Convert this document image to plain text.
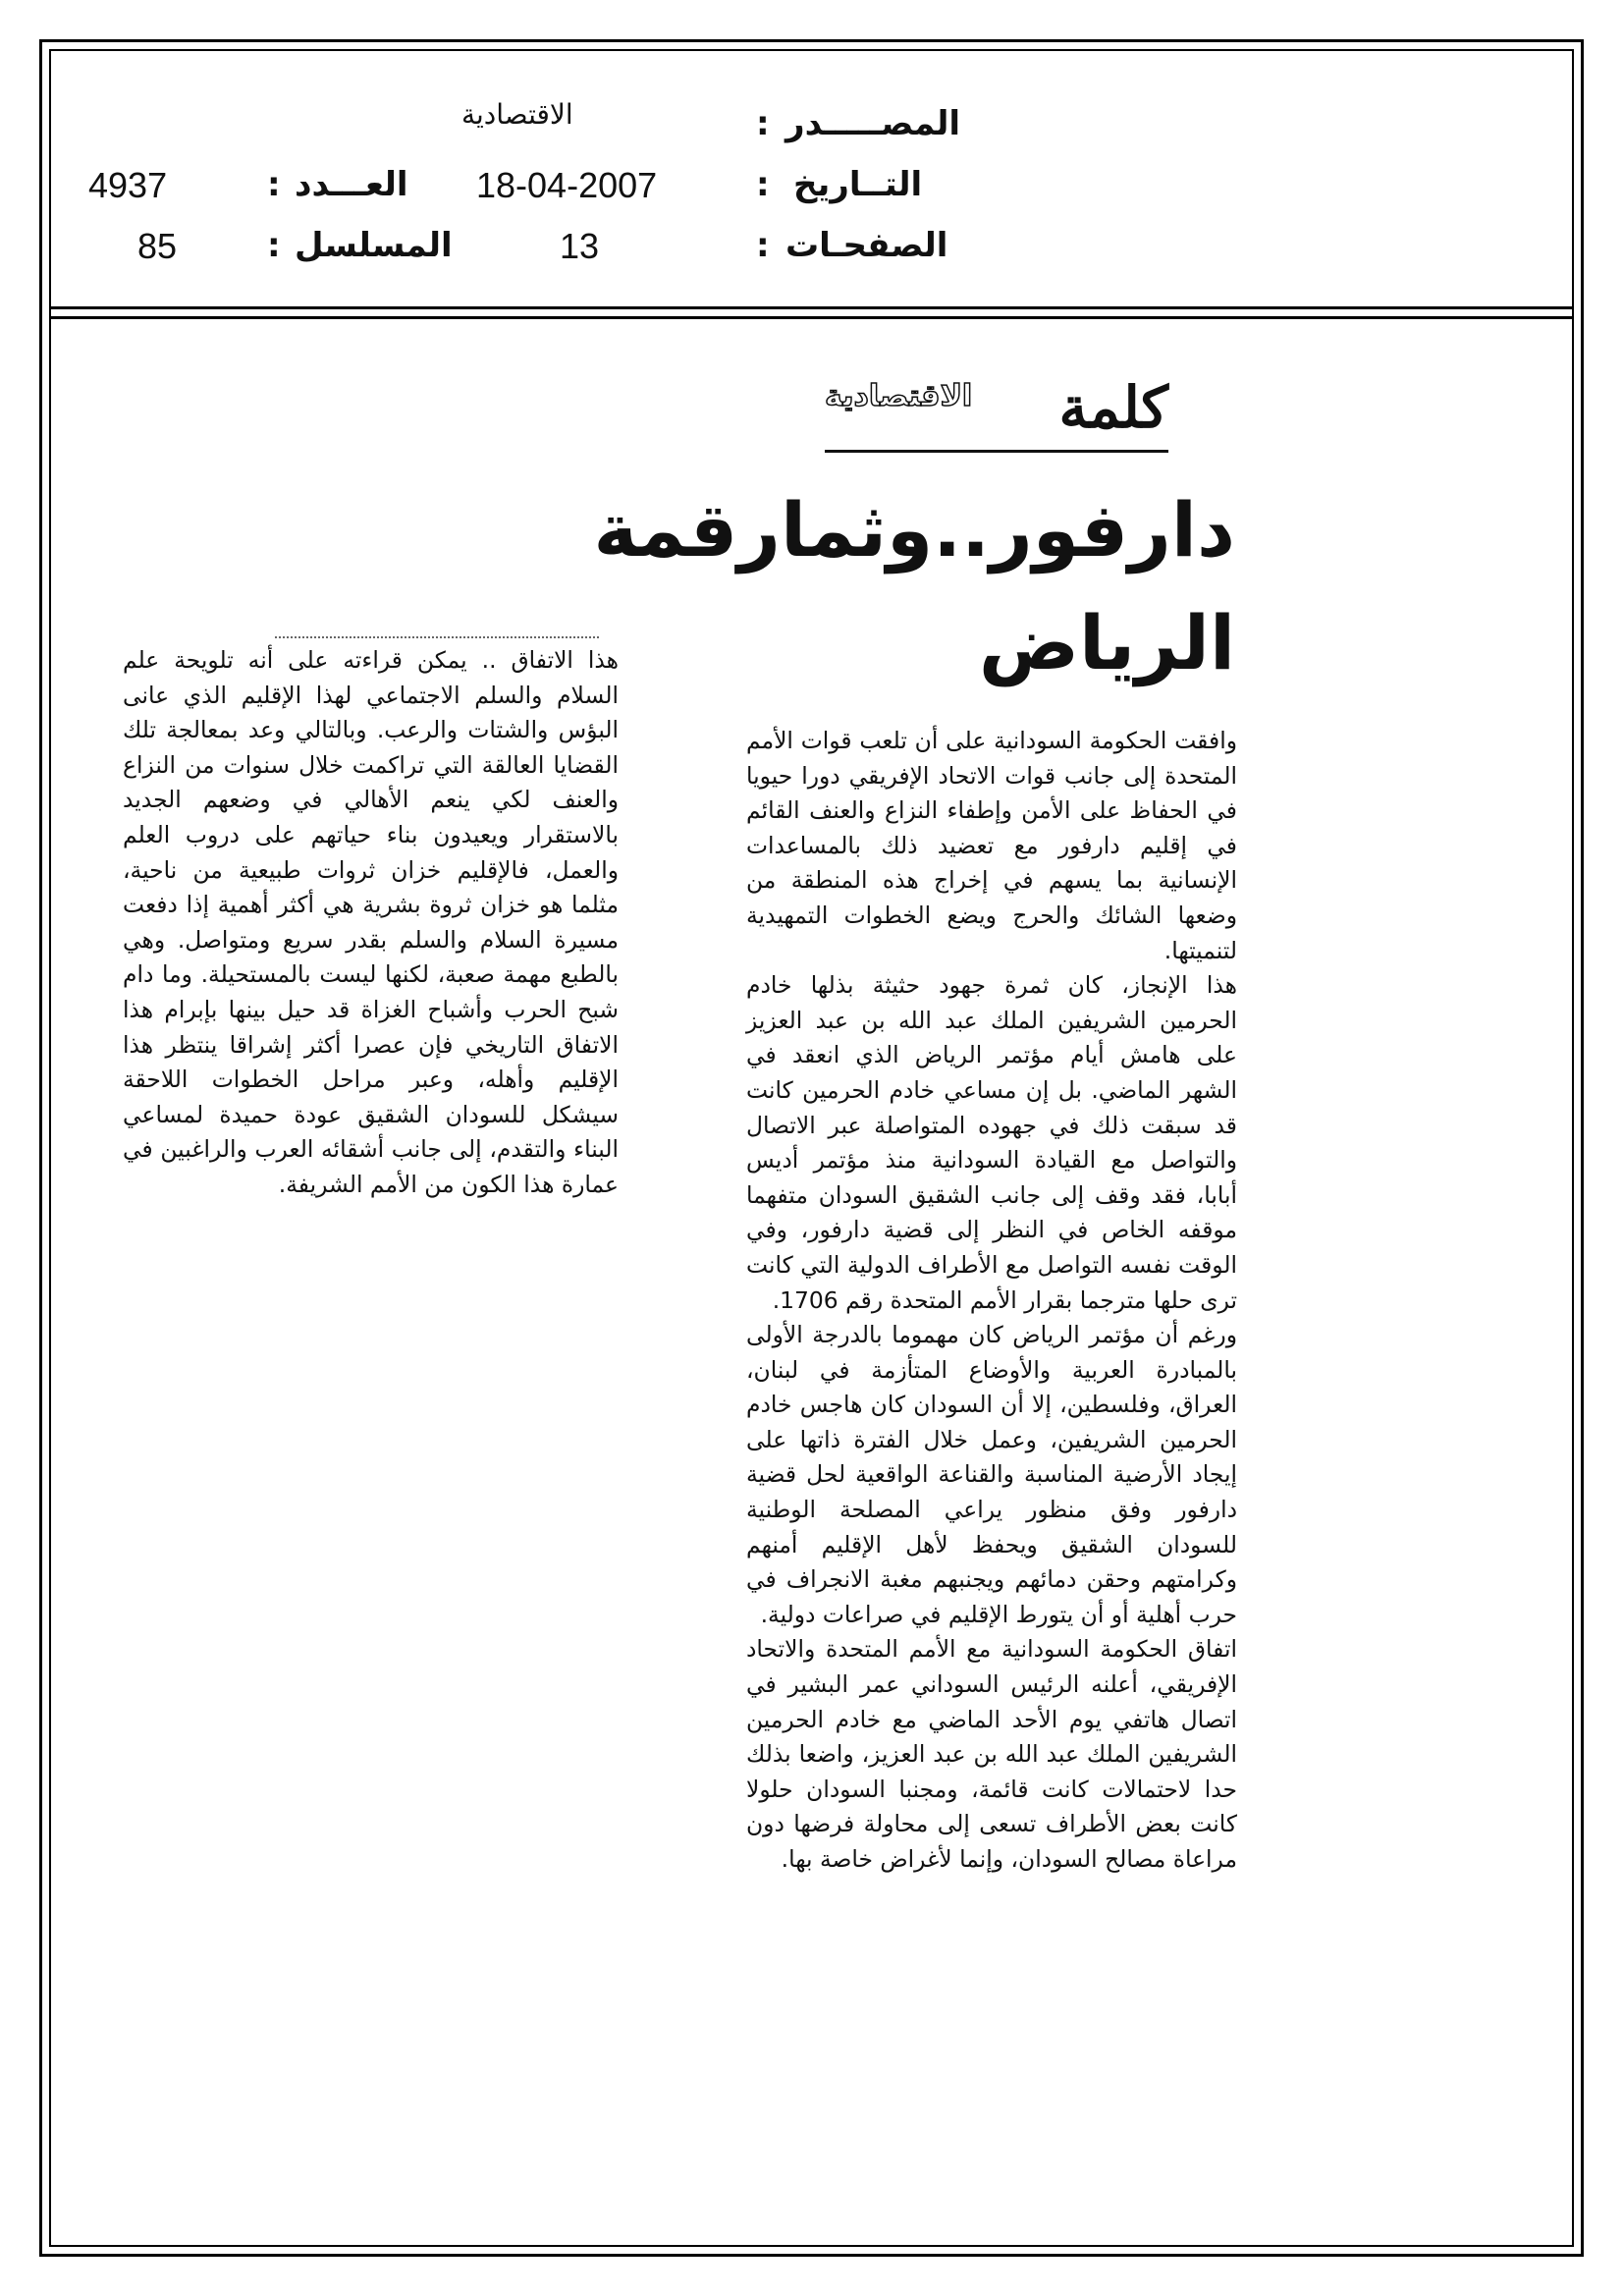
المصـــــدر
:
الاقتصادية
التــاريخ
:
18-04-2007
الصفحـات
:
13
العـــدد
:
4937
المسلسل
:
85
كلمة
الاقتصادية
دارفور..وثمارقمة
الرياض

وافقت الحكومة السودانية على أن تلعب قوات الأمم المتحدة إلى جانب قوات الاتحاد الإفريقي دورا حيويا في الحفاظ على الأمن وإطفاء النزاع والعنف القائم في إقليم دارفور مع تعضيد ذلك بالمساعدات الإنسانية بما يسهم في إخراج هذه المنطقة من وضعها الشائك والحرج ويضع الخطوات التمهيدية لتنميتها.

هذا الإنجاز، كان ثمرة جهود حثيثة بذلها خادم الحرمين الشريفين الملك عبد الله بن عبد العزيز على هامش أيام مؤتمر الرياض الذي انعقد في الشهر الماضي. بل إن مساعي خادم الحرمين كانت قد سبقت ذلك في جهوده المتواصلة عبر الاتصال والتواصل مع القيادة السودانية منذ مؤتمر أديس أبابا، فقد وقف إلى جانب الشقيق السودان متفهما موقفه الخاص في النظر إلى قضية دارفور، وفي الوقت نفسه التواصل مع الأطراف الدولية التي كانت ترى حلها مترجما بقرار الأمم المتحدة رقم 1706.

ورغم أن مؤتمر الرياض كان مهموما بالدرجة الأولى بالمبادرة العربية والأوضاع المتأزمة في لبنان، العراق، وفلسطين، إلا أن السودان كان هاجس خادم الحرمين الشريفين، وعمل خلال الفترة ذاتها على إيجاد الأرضية المناسبة والقناعة الواقعية لحل قضية دارفور وفق منظور يراعي المصلحة الوطنية للسودان الشقيق ويحفظ لأهل الإقليم أمنهم وكرامتهم وحقن دمائهم ويجنبهم مغبة الانجراف في حرب أهلية أو أن يتورط الإقليم في صراعات دولية.

اتفاق الحكومة السودانية مع الأمم المتحدة والاتحاد الإفريقي، أعلنه الرئيس السوداني عمر البشير في اتصال هاتفي يوم الأحد الماضي مع خادم الحرمين الشريفين الملك عبد الله بن عبد العزيز، واضعا بذلك حدا لاحتمالات كانت قائمة، ومجنبا السودان حلولا كانت بعض الأطراف تسعى إلى محاولة فرضها دون مراعاة مصالح السودان، وإنما لأغراض خاصة بها.

هذا الاتفاق .. يمكن قراءته على أنه تلويحة علم السلام والسلم الاجتماعي لهذا الإقليم الذي عانى البؤس والشتات والرعب. وبالتالي وعد بمعالجة تلك القضايا العالقة التي تراكمت خلال سنوات من النزاع والعنف لكي ينعم الأهالي في وضعهم الجديد بالاستقرار ويعيدون بناء حياتهم على دروب العلم والعمل، فالإقليم خزان ثروات طبيعية من ناحية، مثلما هو خزان ثروة بشرية هي أكثر أهمية إذا دفعت مسيرة السلام والسلم بقدر سريع ومتواصل. وهي بالطبع مهمة صعبة، لكنها ليست بالمستحيلة. وما دام شبح الحرب وأشباح الغزاة قد حيل بينها بإبرام هذا الاتفاق التاريخي فإن عصرا أكثر إشراقا ينتظر هذا الإقليم وأهله، وعبر مراحل الخطوات اللاحقة سيشكل للسودان الشقيق عودة حميدة لمساعي البناء والتقدم، إلى جانب أشقائه العرب والراغبين في عمارة هذا الكون من الأمم الشريفة.
